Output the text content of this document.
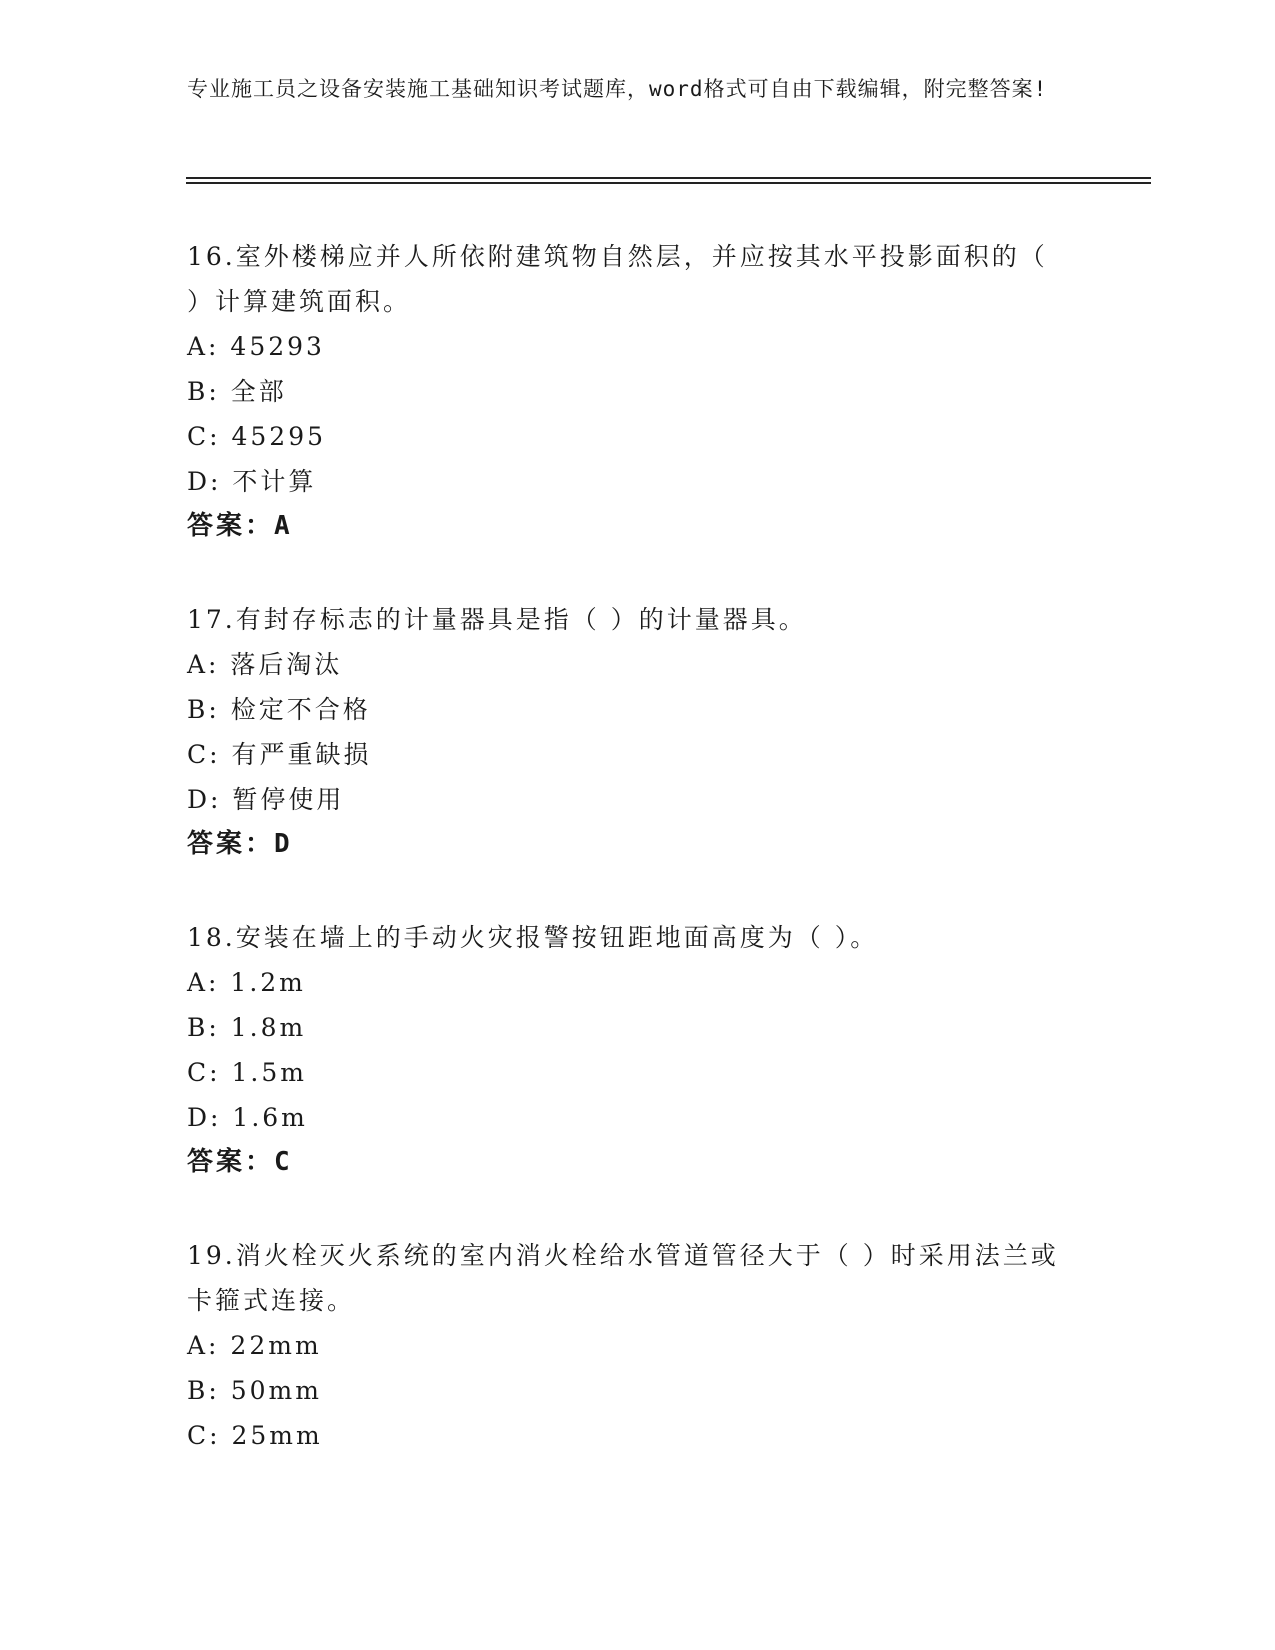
专业施工员之设备安装施工基础知识考试题库，word格式可自由下载编辑，附完整答案!

16.室外楼梯应并人所依附建筑物自然层，并应按其水平投影面积的（ ）计算建筑面积。

A: 45293

B: 全部

C: 45295

D: 不计算

答案：A

17.有封存标志的计量器具是指（ ）的计量器具。

A: 落后淘汰

B: 检定不合格

C: 有严重缺损

D: 暂停使用

答案：D

18.安装在墙上的手动火灾报警按钮距地面高度为（ ）。

A: 1.2m

B: 1.8m

C: 1.5m

D: 1.6m

答案：C

19.消火栓灭火系统的室内消火栓给水管道管径大于（ ）时采用法兰或卡箍式连接。

A: 22mm

B: 50mm

C: 25mm
